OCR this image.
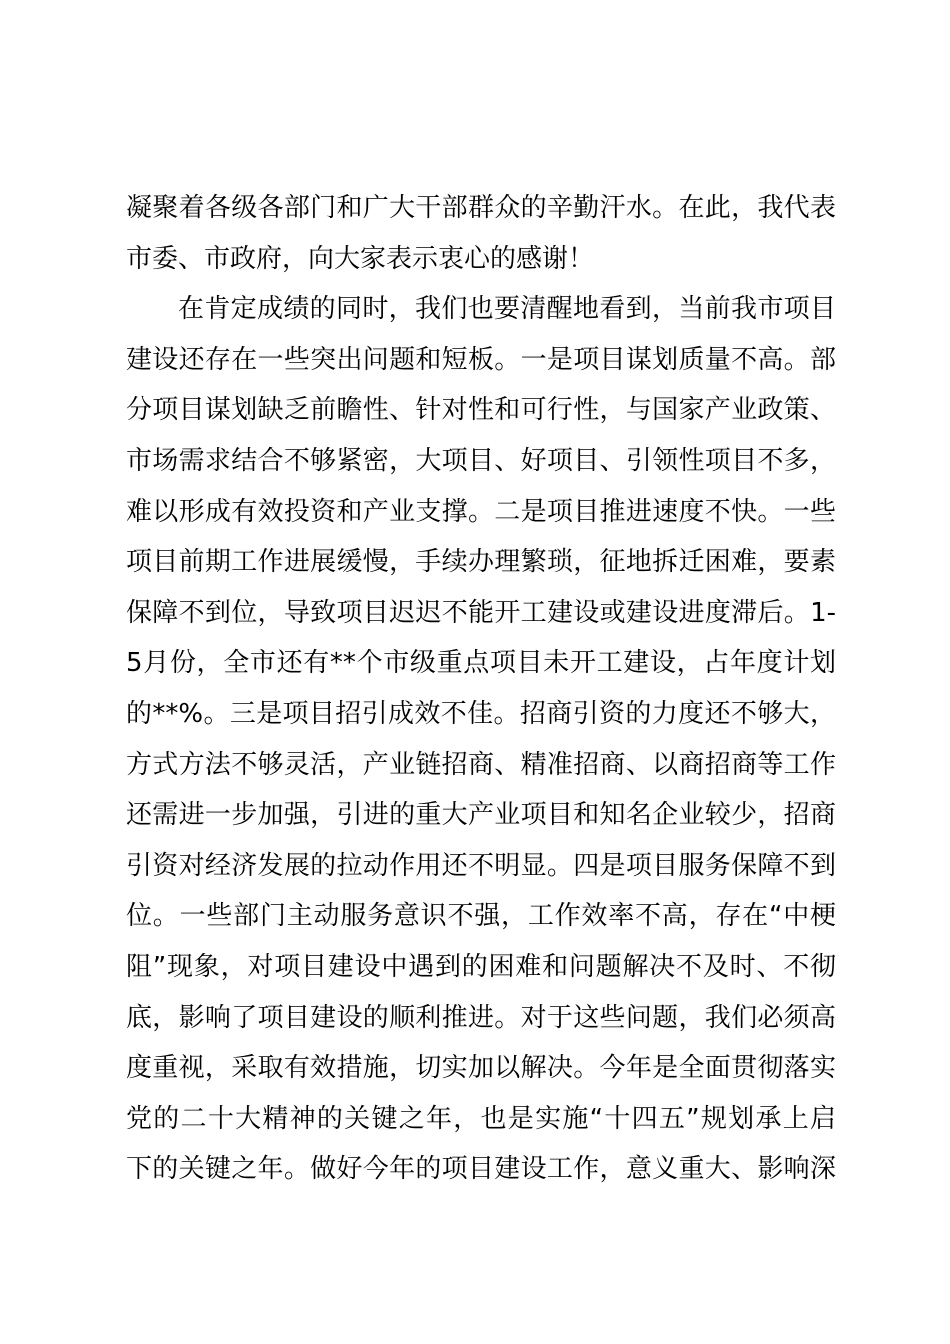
凝聚着各级各部门和广大干部群众的辛勤汗水。在此，我代表
市委、市政府，向大家表示衷心的感谢！
在肯定成绩的同时，我们也要清醒地看到，当前我市项目
建设还存在一些突出问题和短板。一是项目谋划质量不高。部
分项目谋划缺乏前瞻性、针对性和可行性，与国家产业政策、
市场需求结合不够紧密，大项目、好项目、引领性项目不多，
难以形成有效投资和产业支撑。二是项目推进速度不快。一些
项目前期工作进展缓慢，手续办理繁琐，征地拆迁困难，要素
保障不到位，导致项目迟迟不能开工建设或建设进度滞后。1-
5月份，全市还有**个市级重点项目未开工建设，占年度计划
的**%。三是项目招引成效不佳。招商引资的力度还不够大，
方式方法不够灵活，产业链招商、精准招商、以商招商等工作
还需进一步加强，引进的重大产业项目和知名企业较少，招商
引资对经济发展的拉动作用还不明显。四是项目服务保障不到
位。一些部门主动服务意识不强，工作效率不高，存在“中梗
阻”现象，对项目建设中遇到的困难和问题解决不及时、不彻
底，影响了项目建设的顺利推进。对于这些问题，我们必须高
度重视，采取有效措施，切实加以解决。今年是全面贯彻落实
党的二十大精神的关键之年，也是实施“十四五”规划承上启
下的关键之年。做好今年的项目建设工作，意义重大、影响深
